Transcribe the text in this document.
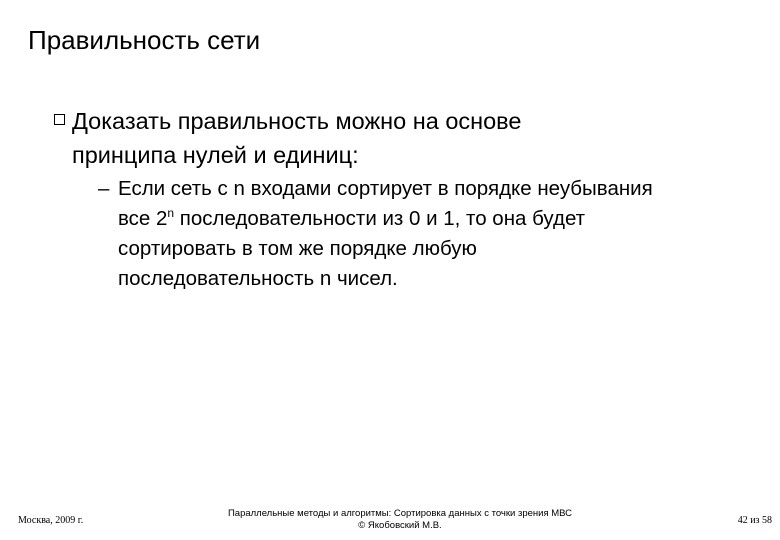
Правильность сети
Доказать правильность можно на основе
принципа нулей и единиц:
– Если сеть с n входами сортирует в порядке неубывания
все 2$^n$ последовательности из 0 и 1, то она будет
сортировать в том же порядке любую
последовательность n чисел.
Москва, 2009 г.
Параллельные методы и алгоритмы: Сортировка данных с точки зрения МВС
© Якобовский М.В.	42 из 58
